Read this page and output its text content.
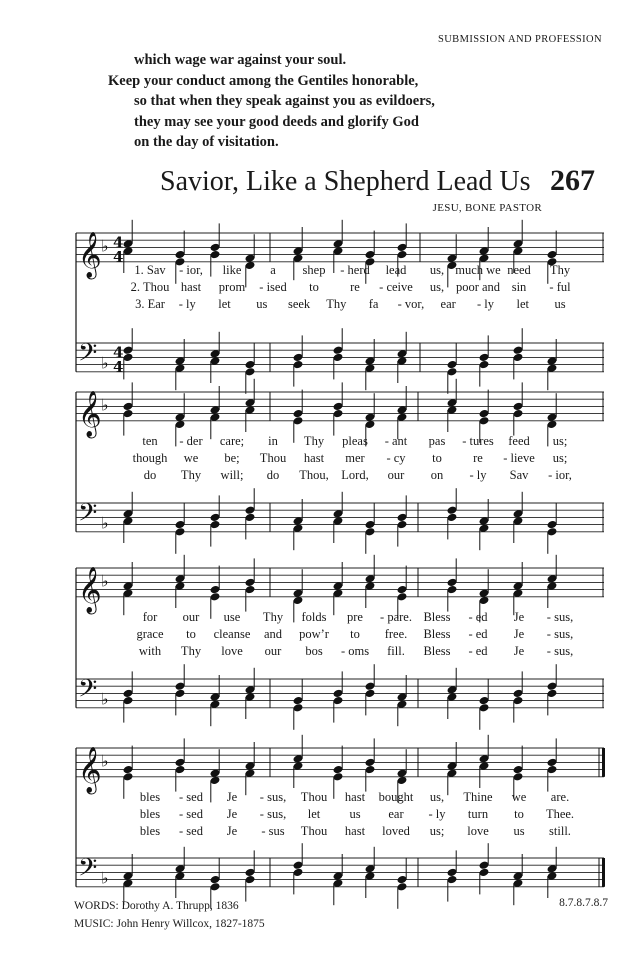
SUBMISSION AND PROFESSION
which wage war against your soul.
Keep your conduct among the Gentiles honorable,
so that when they speak against you as evildoers,
they may see your good deeds and glorify God
on the day of visitation.
Savior, Like a Shepherd Lead Us 267
JESU, BONE PASTOR
𝄞 ♭ 4
4
𝄢 ♭
4
4
𝄞 ♭
𝄢 ♭
𝄞 ♭
𝄢 ♭
𝄞 ♭
𝄢 ♭
1. Sav - ior, like a shep - herd lead us, much we need Thy
2. Thou hast prom - ised to	re - ceive us, poor and sin - ful
3. Ear - ly let us seek Thy fa - vor, ear - ly let us
ten - der care; in Thy pleas - ant pas - tures feed us;
though we be; Thou hast mer - cy to	re - lieve us;
do Thy will; do Thou, Lord, our on - ly Sav - ior,
for our use Thy folds pre - pare. Bless - ed Je - sus,
grace to cleanse and pow’r to free. Bless - ed Je - sus,
with Thy love our bos - oms fill. Bless - ed Je - sus,
bles - sed Je - sus, Thou hast bought us, Thine we are.
bles - sed Je - sus, let us ear - ly turn to Thee.
bles - sed Je - sus Thou hast loved us; love us still.
WORDS: Dorothy A. Thrupp, 1836
MUSIC: John Henry Willcox, 1827-1875
8.7.8.7.8.7
